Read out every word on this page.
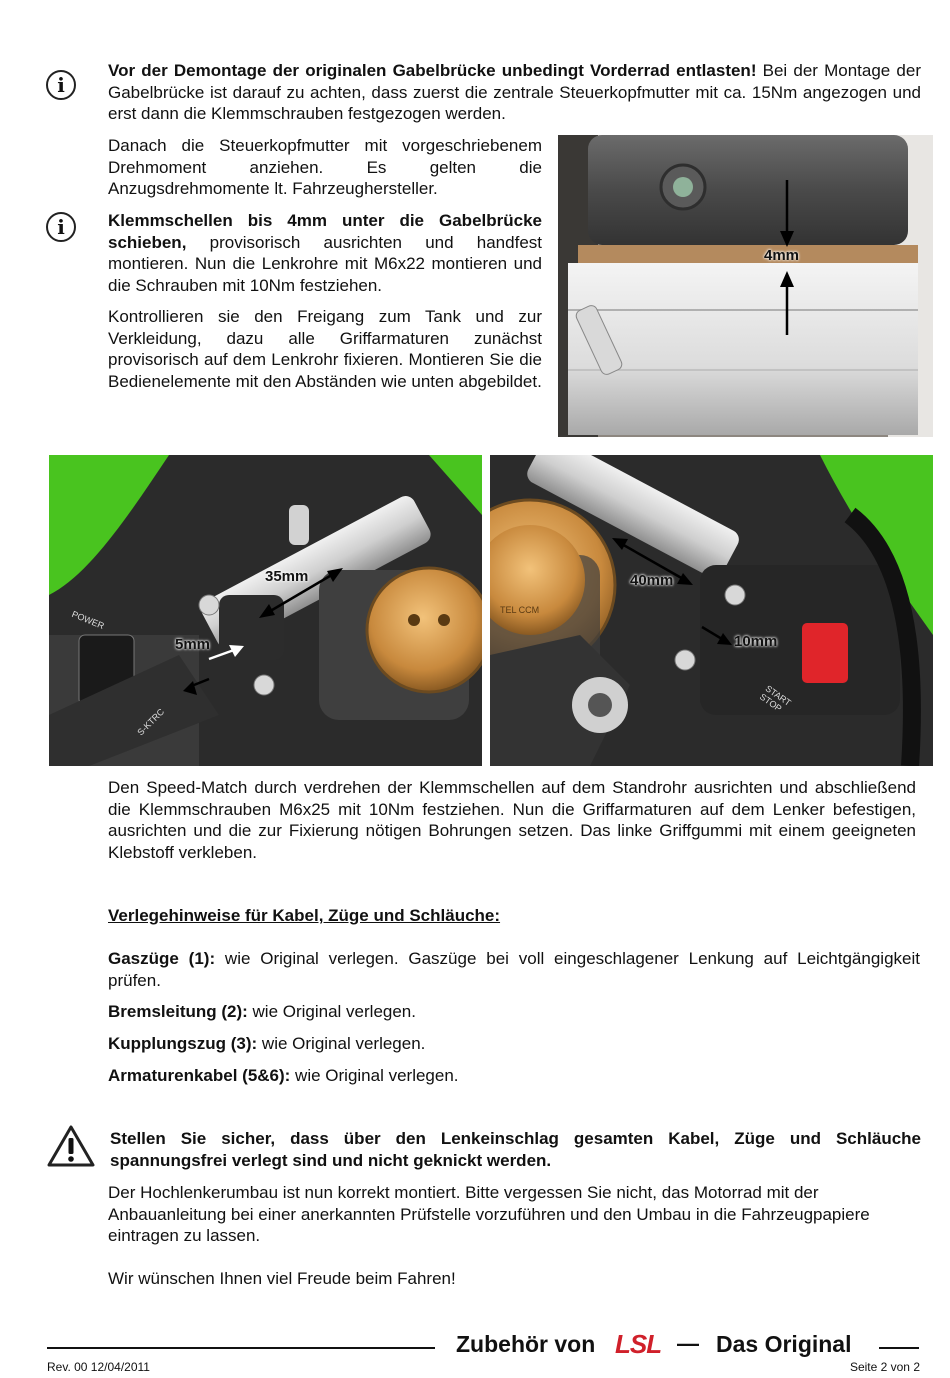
i

Vor der Demontage der originalen Gabelbrücke unbedingt Vorderrad entlasten! Bei der Montage der Gabelbrücke ist darauf zu achten, dass zuerst die zentrale Steuerkopfmutter mit ca. 15Nm angezogen und erst dann die Klemmschrauben festgezogen werden.

Danach die Steuerkopfmutter mit vorgeschriebenem Drehmoment anziehen. Es gelten die Anzugsdrehmomente lt. Fahrzeughersteller.

i	Klemmschellen bis 4mm unter die Gabelbrücke schieben, provisorisch ausrichten und handfest montieren. Nun die Lenkrohre mit M6x22 montieren und die Schrauben mit 10Nm festziehen.

Kontrollieren sie den Freigang zum Tank und zur Verkleidung, dazu alle Griffarmaturen zunächst provisorisch auf dem Lenkrohr fixieren. Montieren Sie die Bedienelemente mit den Abständen wie unten abgebildet.

4mm
35mm
5mm
POWER
S-KTRC
40mm
10mm
START STOP
TEL CCM

Den Speed-Match durch verdrehen der Klemmschellen auf dem Standrohr ausrichten und abschließend die Klemmschrauben M6x25 mit 10Nm festziehen. Nun die Griffarmaturen auf dem Lenker befestigen, ausrichten und die zur Fixierung nötigen Bohrungen setzen. Das linke Griffgummi mit einem geeigneten Klebstoff verkleben.

Verlegehinweise für Kabel, Züge und Schläuche:

Gaszüge (1): wie Original verlegen. Gaszüge bei voll eingeschlagener Lenkung auf Leichtgängigkeit prüfen.

Bremsleitung (2): wie Original verlegen.

Kupplungszug (3): wie Original verlegen.

Armaturenkabel (5&6): wie Original verlegen.

Stellen Sie sicher, dass über den Lenkeinschlag gesamten Kabel, Züge und Schläuche spannungsfrei verlegt sind und nicht geknickt werden.

Der Hochlenkerumbau ist nun korrekt montiert. Bitte vergessen Sie nicht, das Motorrad mit der Anbauanleitung bei einer anerkannten Prüfstelle vorzuführen und den Umbau in die Fahrzeugpapiere eintragen zu lassen.

Wir wünschen Ihnen viel Freude beim Fahren!

Zubehör von LSL — Das Original
Rev. 00 12/04/2011	Seite 2 von 2
